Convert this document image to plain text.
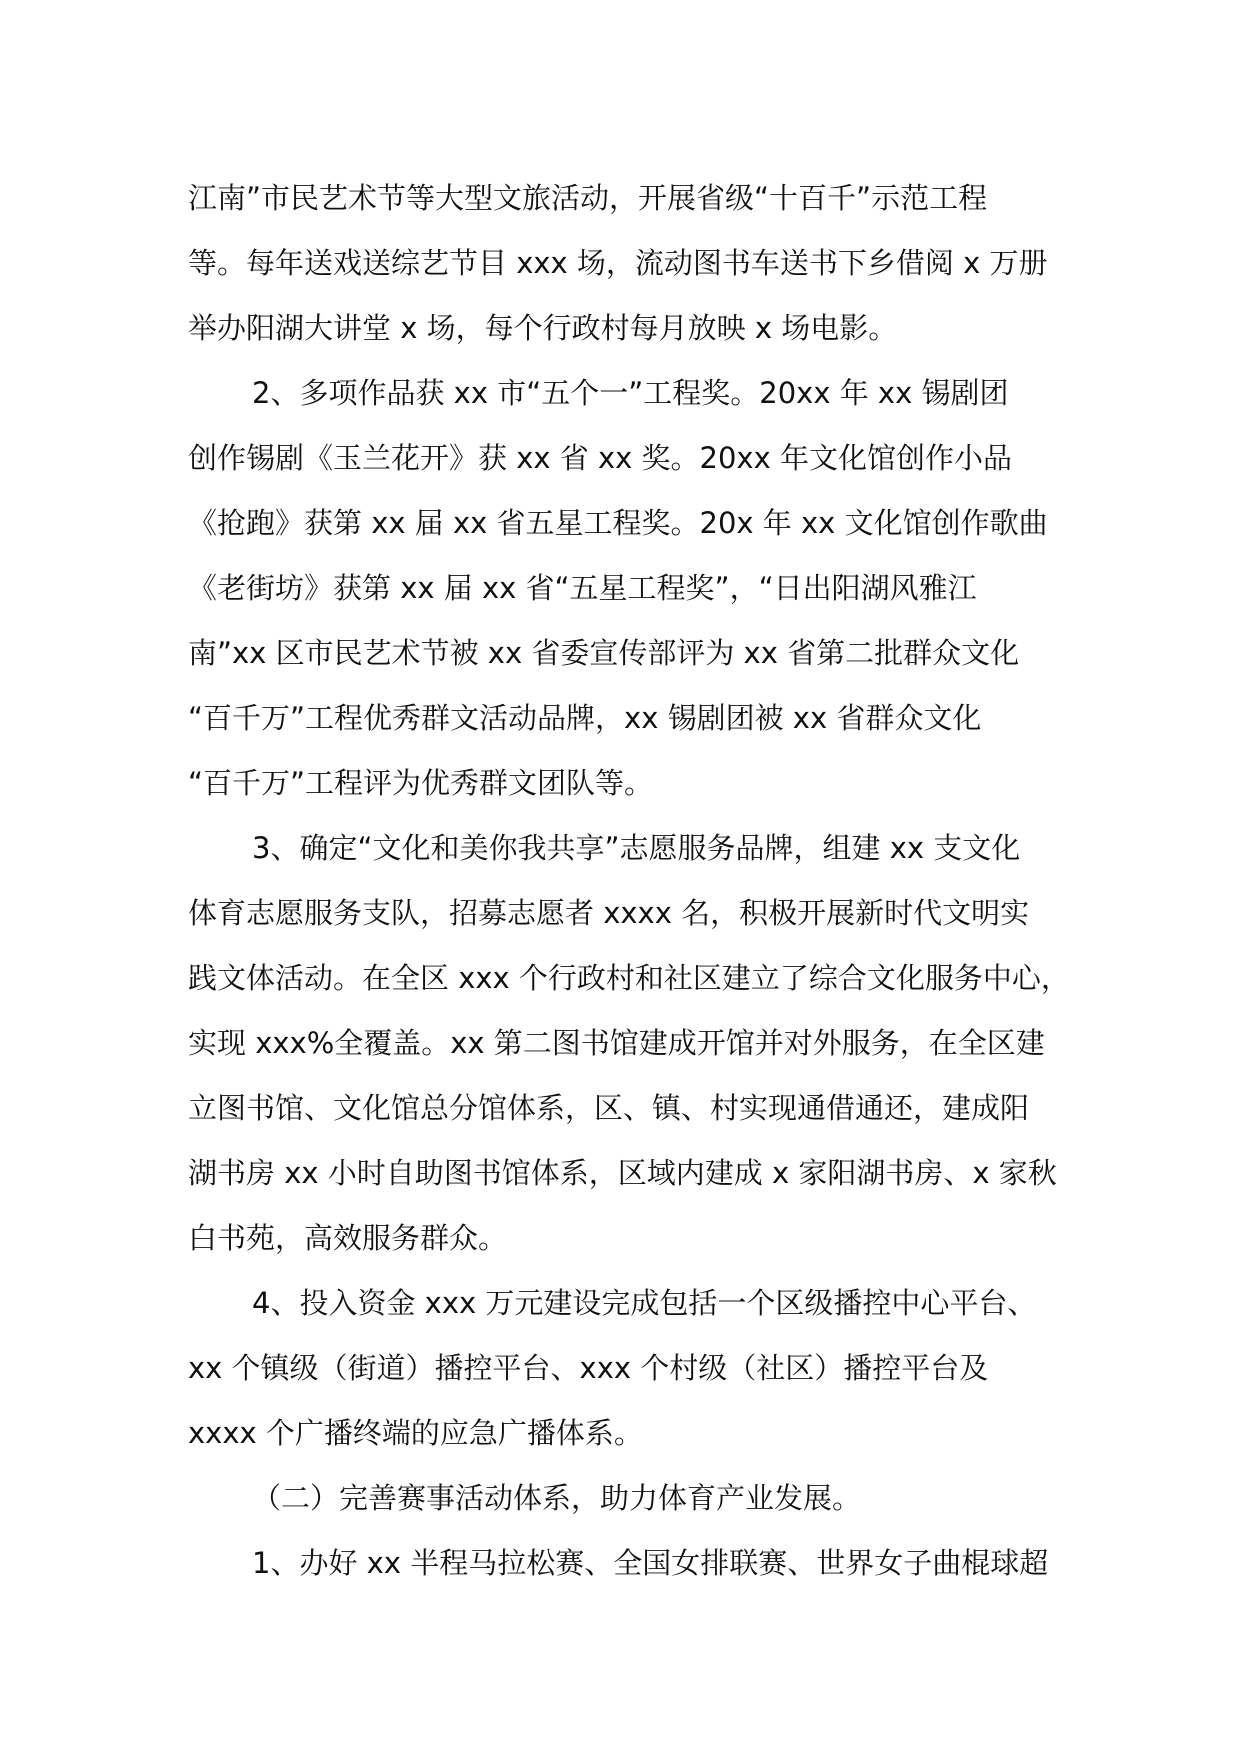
江南”市民艺术节等大型文旅活动，开展省级“十百千”示范工程
等。每年送戏送综艺节目 xxx 场，流动图书车送书下乡借阅 x 万册
举办阳湖大讲堂 x 场，每个行政村每月放映 x 场电影。
2、多项作品获 xx 市“五个一”工程奖。20xx 年 xx 锡剧团
创作锡剧《玉兰花开》获 xx 省 xx 奖。20xx 年文化馆创作小品
《抢跑》获第 xx 届 xx 省五星工程奖。20x 年 xx 文化馆创作歌曲
《老街坊》获第 xx 届 xx 省“五星工程奖”，“日出阳湖风雅江
南”xx 区市民艺术节被 xx 省委宣传部评为 xx 省第二批群众文化
“百千万”工程优秀群文活动品牌，xx 锡剧团被 xx 省群众文化
“百千万”工程评为优秀群文团队等。
3、确定“文化和美你我共享”志愿服务品牌，组建 xx 支文化
体育志愿服务支队，招募志愿者 xxxx 名，积极开展新时代文明实
践文体活动。在全区 xxx 个行政村和社区建立了综合文化服务中心，
实现 xxx%全覆盖。xx 第二图书馆建成开馆并对外服务，在全区建
立图书馆、文化馆总分馆体系，区、镇、村实现通借通还，建成阳
湖书房 xx 小时自助图书馆体系，区域内建成 x 家阳湖书房、x 家秋
白书苑，高效服务群众。
4、投入资金 xxx 万元建设完成包括一个区级播控中心平台、
xx 个镇级（街道）播控平台、xxx 个村级（社区）播控平台及
xxxx 个广播终端的应急广播体系。
（二）完善赛事活动体系，助力体育产业发展。
1、办好 xx 半程马拉松赛、全国女排联赛、世界女子曲棍球超
